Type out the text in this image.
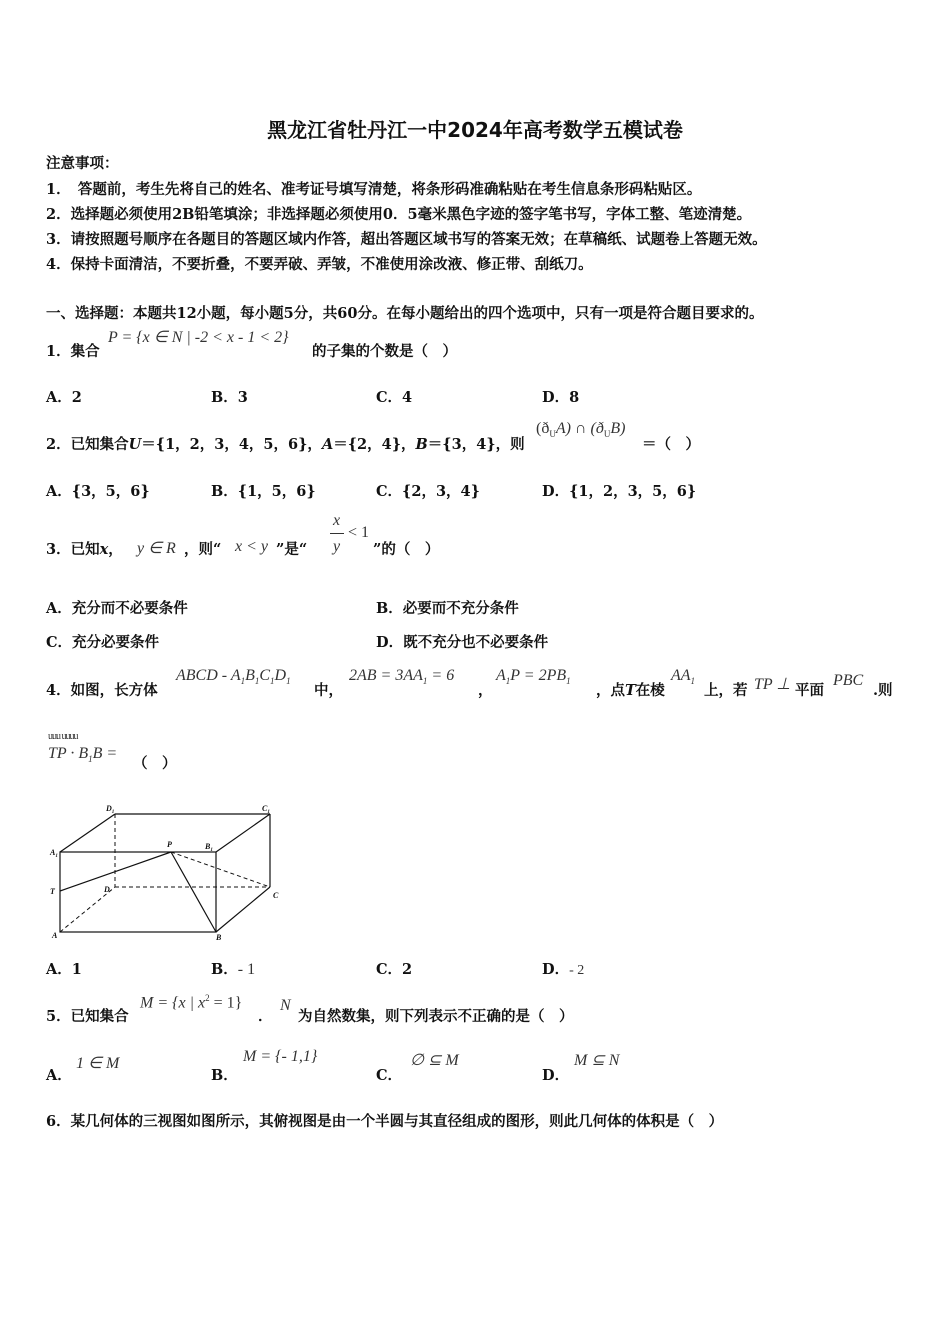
黑龙江省牡丹江一中2024年高考数学五模试卷
注意事项：
1．　答题前，考生先将自己的姓名、准考证号填写清楚，将条形码准确粘贴在考生信息条形码粘贴区。
2．选择题必须使用2B铅笔填涂；非选择题必须使用0．5毫米黑色字迹的签字笔书写，字体工整、笔迹清楚。
3．请按照题号顺序在各题目的答题区域内作答，超出答题区域书写的答案无效；在草稿纸、试题卷上答题无效。
4．保持卡面清洁，不要折叠，不要弄破、弄皱，不准使用涂改液、修正带、刮纸刀。
一、选择题：本题共12小题，每小题5分，共60分。在每小题给出的四个选项中，只有一项是符合题目要求的。
1．集合
P = {x ∈ N | -2 < x - 1 < 2}
的子集的个数是（　）
A．2	B．3	C．4	D．8
2．已知集合U＝{1，2，3，4，5，6}，A＝{2，4}，B＝{3，4}，则
$(ð_UA)$ ∩ $(ð_UB)$
＝（　）
A．{3，5，6}	B．{1，5，6}	C．{2，3，4}	D．{1，2，3，5，6}
3．已知x， y ∈ R ，则“ x < y ”是“
x
y
< 1
”的（　）
A．充分而不必要条件	B．必要而不充分条件
C．充分必要条件	D．既不充分也不必要条件
4．如图，长方体
ABCD - $A_1B_1C_1D_1$
中，
$2AB = 3AA_1 = 6$
，
$A_1P = 2PB_1$
，点T在棱
$AA_1$
上，若 TP ⊥ 平面
PBC
.则
uuu uuuu
TP · $B_1B$ =
（　）
$D_1$	$C_1$
$A_1$
P	$B_1$
T	D
C
A	B
A．1	B．- 1	C．2	D．- 2
5．已知集合
M = {x | $x^2 = 1$}
．
N
为自然数集，则下列表示不正确的是（　）
A．
1 ∈ M
B．
M = {- 1,1}
C．
∅ ⊆ M
D．
M ⊆ N
6．某几何体的三视图如图所示，其俯视图是由一个半圆与其直径组成的图形，则此几何体的体积是（　）
